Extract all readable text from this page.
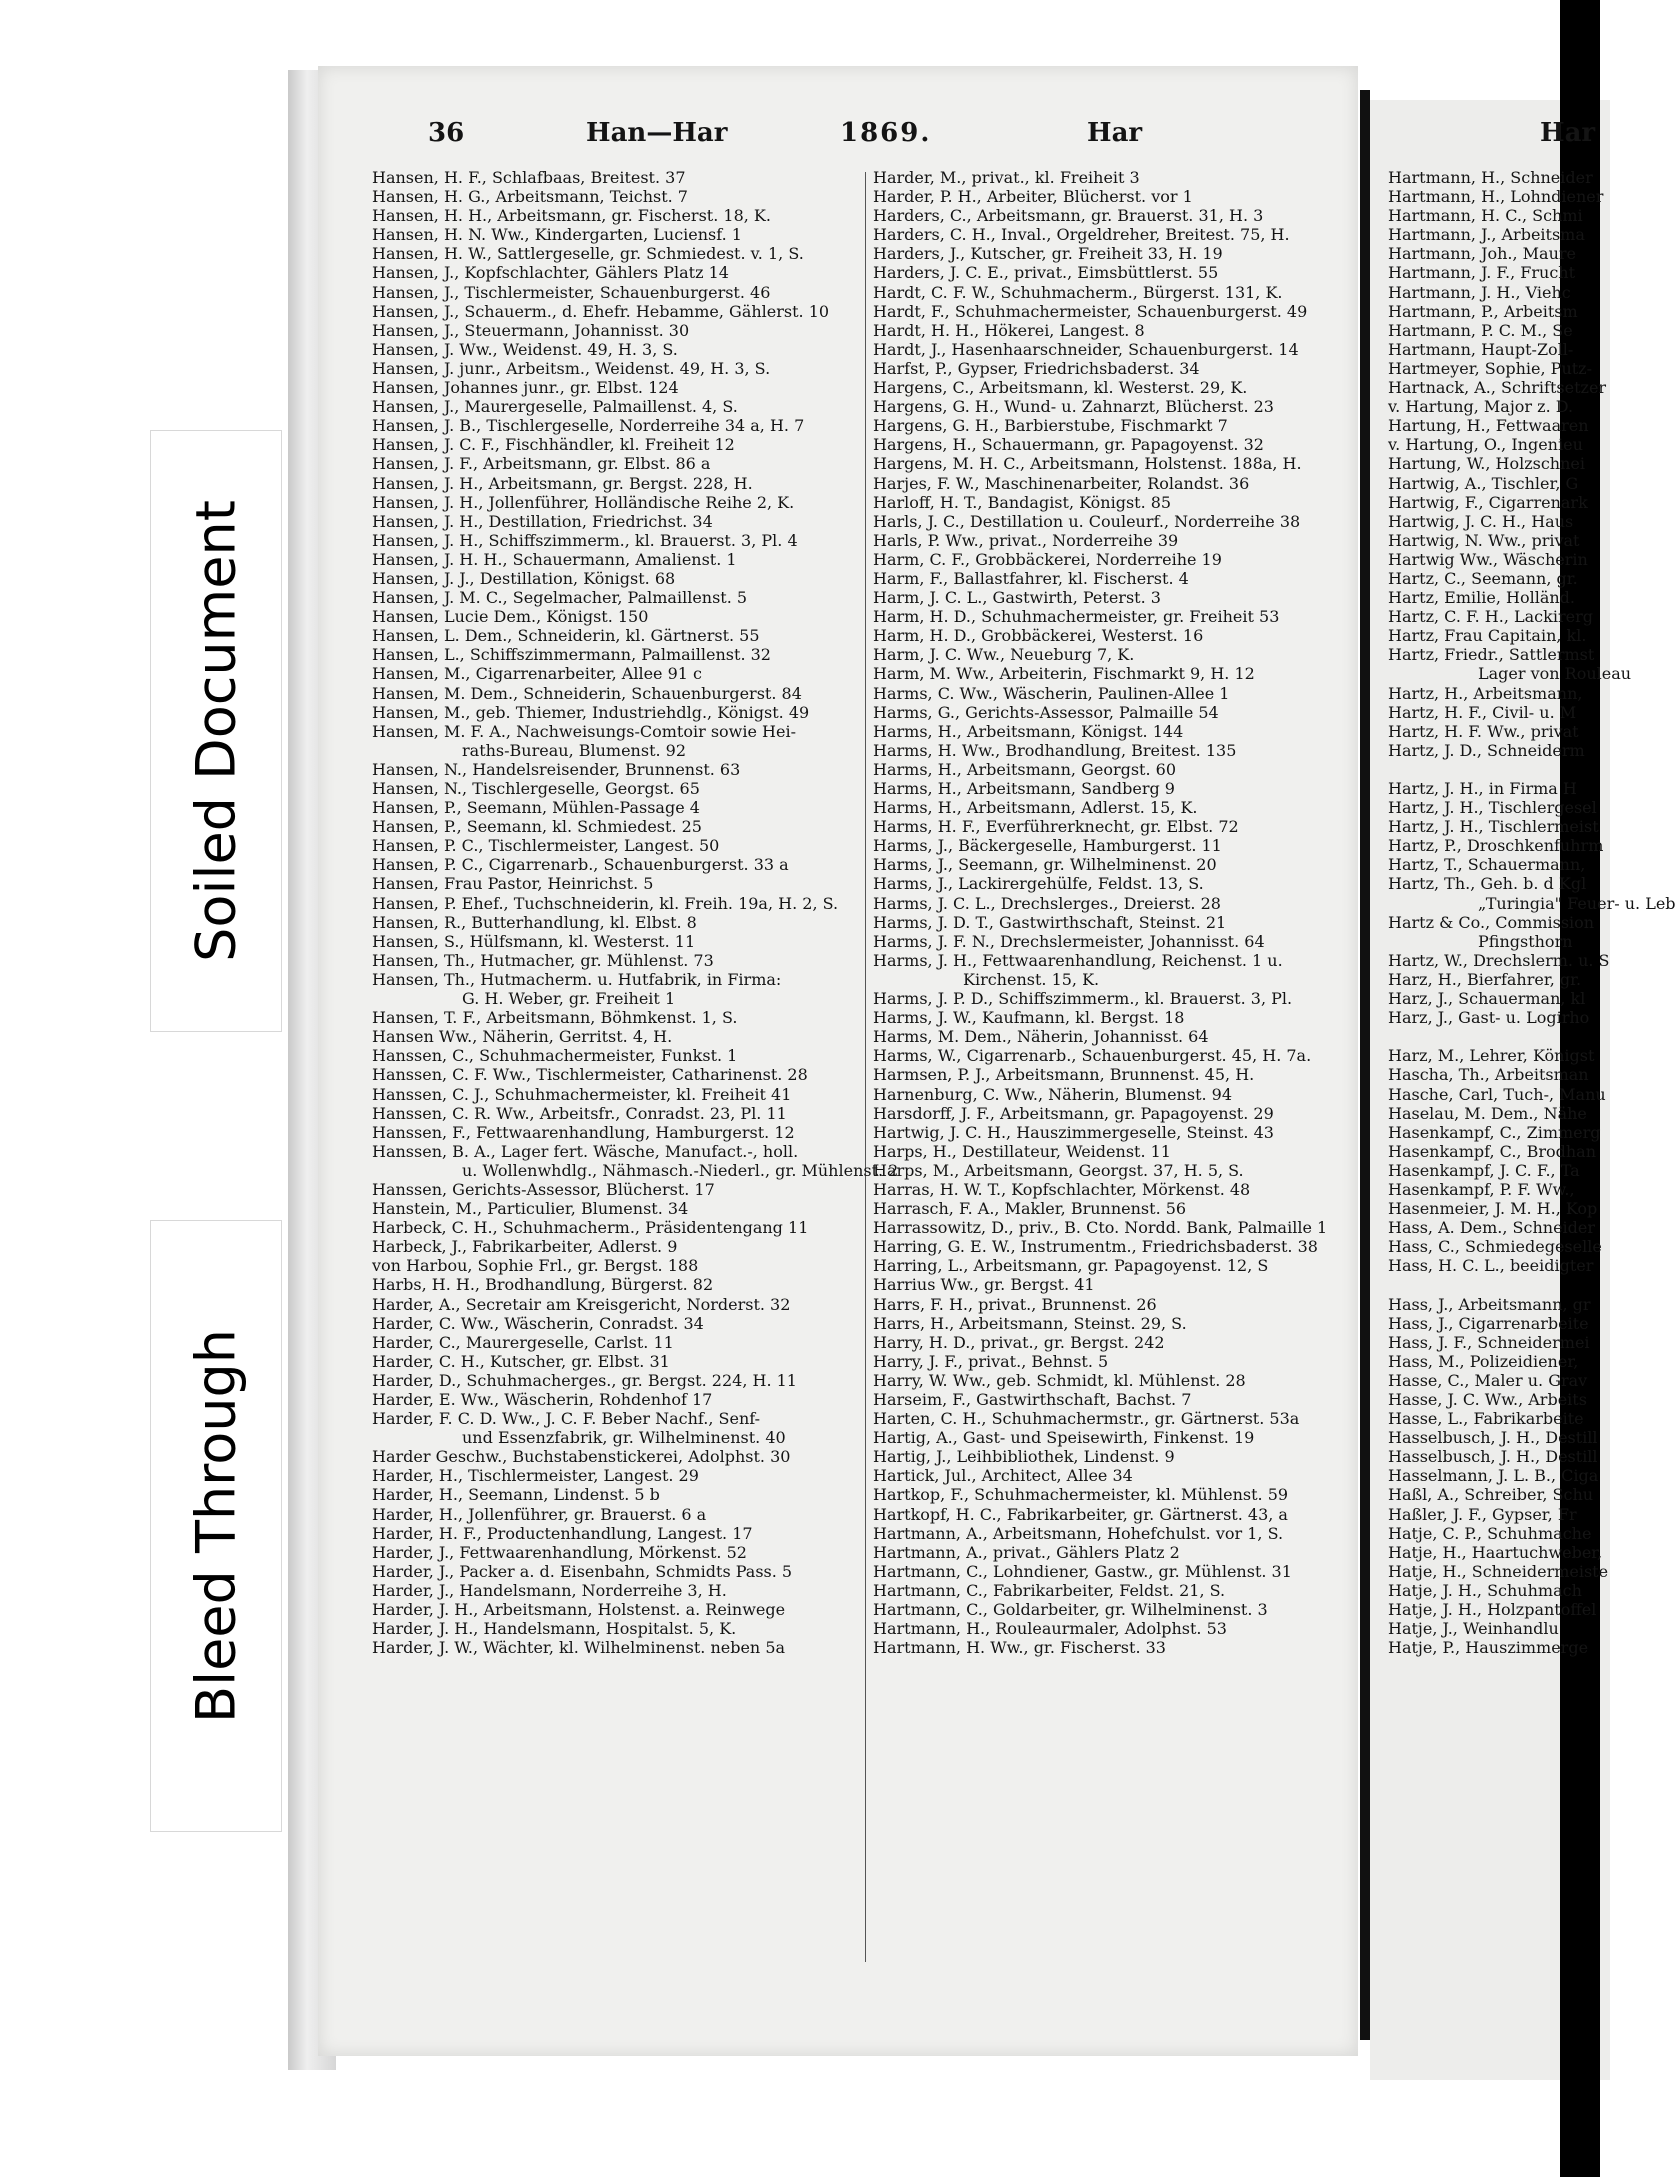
Soiled Document
Bleed Through
36	Han—Har	1869.	Har	Har
Hansen, H. F., Schlafbaas, Breitest. 37
Hansen, H. G., Arbeitsmann, Teichst. 7
Hansen, H. H., Arbeitsmann, gr. Fischerst. 18, K.
Hansen, H. N. Ww., Kindergarten, Luciensf. 1
Hansen, H. W., Sattlergeselle, gr. Schmiedest. v. 1, S.
Hansen, J., Kopfschlachter, Gählers Platz 14
Hansen, J., Tischlermeister, Schauenburgerst. 46
Hansen, J., Schauerm., d. Ehefr. Hebamme, Gählerst. 10
Hansen, J., Steuermann, Johannisst. 30
Hansen, J. Ww., Weidenst. 49, H. 3, S.
Hansen, J. junr., Arbeitsm., Weidenst. 49, H. 3, S.
Hansen, Johannes junr., gr. Elbst. 124
Hansen, J., Maurergeselle, Palmaillenst. 4, S.
Hansen, J. B., Tischlergeselle, Norderreihe 34 a, H. 7
Hansen, J. C. F., Fischhändler, kl. Freiheit 12
Hansen, J. F., Arbeitsmann, gr. Elbst. 86 a
Hansen, J. H., Arbeitsmann, gr. Bergst. 228, H.
Hansen, J. H., Jollenführer, Holländische Reihe 2, K.
Hansen, J. H., Destillation, Friedrichst. 34
Hansen, J. H., Schiffszimmerm., kl. Brauerst. 3, Pl. 4
Hansen, J. H. H., Schauermann, Amalienst. 1
Hansen, J. J., Destillation, Königst. 68
Hansen, J. M. C., Segelmacher, Palmaillenst. 5
Hansen, Lucie Dem., Königst. 150
Hansen, L. Dem., Schneiderin, kl. Gärtnerst. 55
Hansen, L., Schiffszimmermann, Palmaillenst. 32
Hansen, M., Cigarrenarbeiter, Allee 91 c
Hansen, M. Dem., Schneiderin, Schauenburgerst. 84
Hansen, M., geb. Thiemer, Industriehdlg., Königst. 49
Hansen, M. F. A., Nachweisungs-Comtoir sowie Hei-
raths-Bureau, Blumenst. 92
Hansen, N., Handelsreisender, Brunnenst. 63
Hansen, N., Tischlergeselle, Georgst. 65
Hansen, P., Seemann, Mühlen-Passage 4
Hansen, P., Seemann, kl. Schmiedest. 25
Hansen, P. C., Tischlermeister, Langest. 50
Hansen, P. C., Cigarrenarb., Schauenburgerst. 33 a
Hansen, Frau Pastor, Heinrichst. 5
Hansen, P. Ehef., Tuchschneiderin, kl. Freih. 19a, H. 2, S.
Hansen, R., Butterhandlung, kl. Elbst. 8
Hansen, S., Hülfsmann, kl. Westerst. 11
Hansen, Th., Hutmacher, gr. Mühlenst. 73
Hansen, Th., Hutmacherm. u. Hutfabrik, in Firma:
G. H. Weber, gr. Freiheit 1
Hansen, T. F., Arbeitsmann, Böhmkenst. 1, S.
Hansen Ww., Näherin, Gerritst. 4, H.
Hanssen, C., Schuhmachermeister, Funkst. 1
Hanssen, C. F. Ww., Tischlermeister, Catharinenst. 28
Hanssen, C. J., Schuhmachermeister, kl. Freiheit 41
Hanssen, C. R. Ww., Arbeitsfr., Conradst. 23, Pl. 11
Hanssen, F., Fettwaarenhandlung, Hamburgerst. 12
Hanssen, B. A., Lager fert. Wäsche, Manufact.-, holl.
u. Wollenwhdlg., Nähmasch.-Niederl., gr. Mühlenst. 2
Hanssen, Gerichts-Assessor, Blücherst. 17
Hanstein, M., Particulier, Blumenst. 34
Harbeck, C. H., Schuhmacherm., Präsidentengang 11
Harbeck, J., Fabrikarbeiter, Adlerst. 9
von Harbou, Sophie Frl., gr. Bergst. 188
Harbs, H. H., Brodhandlung, Bürgerst. 82
Harder, A., Secretair am Kreisgericht, Norderst. 32
Harder, C. Ww., Wäscherin, Conradst. 34
Harder, C., Maurergeselle, Carlst. 11
Harder, C. H., Kutscher, gr. Elbst. 31
Harder, D., Schuhmacherges., gr. Bergst. 224, H. 11
Harder, E. Ww., Wäscherin, Rohdenhof 17
Harder, F. C. D. Ww., J. C. F. Beber Nachf., Senf-
und Essenzfabrik, gr. Wilhelminenst. 40
Harder Geschw., Buchstabenstickerei, Adolphst. 30
Harder, H., Tischlermeister, Langest. 29
Harder, H., Seemann, Lindenst. 5 b
Harder, H., Jollenführer, gr. Brauerst. 6 a
Harder, H. F., Productenhandlung, Langest. 17
Harder, J., Fettwaarenhandlung, Mörkenst. 52
Harder, J., Packer a. d. Eisenbahn, Schmidts Pass. 5
Harder, J., Handelsmann, Norderreihe 3, H.
Harder, J. H., Arbeitsmann, Holstenst. a. Reinwege
Harder, J. H., Handelsmann, Hospitalst. 5, K.
Harder, J. W., Wächter, kl. Wilhelminenst. neben 5a
Harder, M., privat., kl. Freiheit 3
Harder, P. H., Arbeiter, Blücherst. vor 1
Harders, C., Arbeitsmann, gr. Brauerst. 31, H. 3
Harders, C. H., Inval., Orgeldreher, Breitest. 75, H.
Harders, J., Kutscher, gr. Freiheit 33, H. 19
Harders, J. C. E., privat., Eimsbüttlerst. 55
Hardt, C. F. W., Schuhmacherm., Bürgerst. 131, K.
Hardt, F., Schuhmachermeister, Schauenburgerst. 49
Hardt, H. H., Hökerei, Langest. 8
Hardt, J., Hasenhaarschneider, Schauenburgerst. 14
Harfst, P., Gypser, Friedrichsbaderst. 34
Hargens, C., Arbeitsmann, kl. Westerst. 29, K.
Hargens, G. H., Wund- u. Zahnarzt, Blücherst. 23
Hargens, G. H., Barbierstube, Fischmarkt 7
Hargens, H., Schauermann, gr. Papagoyenst. 32
Hargens, M. H. C., Arbeitsmann, Holstenst. 188a, H.
Harjes, F. W., Maschinenarbeiter, Rolandst. 36
Harloff, H. T., Bandagist, Königst. 85
Harls, J. C., Destillation u. Couleurf., Norderreihe 38
Harls, P. Ww., privat., Norderreihe 39
Harm, C. F., Grobbäckerei, Norderreihe 19
Harm, F., Ballastfahrer, kl. Fischerst. 4
Harm, J. C. L., Gastwirth, Peterst. 3
Harm, H. D., Schuhmachermeister, gr. Freiheit 53
Harm, H. D., Grobbäckerei, Westerst. 16
Harm, J. C. Ww., Neueburg 7, K.
Harm, M. Ww., Arbeiterin, Fischmarkt 9, H. 12
Harms, C. Ww., Wäscherin, Paulinen-Allee 1
Harms, G., Gerichts-Assessor, Palmaille 54
Harms, H., Arbeitsmann, Königst. 144
Harms, H. Ww., Brodhandlung, Breitest. 135
Harms, H., Arbeitsmann, Georgst. 60
Harms, H., Arbeitsmann, Sandberg 9
Harms, H., Arbeitsmann, Adlerst. 15, K.
Harms, H. F., Everführerknecht, gr. Elbst. 72
Harms, J., Bäckergeselle, Hamburgerst. 11
Harms, J., Seemann, gr. Wilhelminenst. 20
Harms, J., Lackirergehülfe, Feldst. 13, S.
Harms, J. C. L., Drechslerges., Dreierst. 28
Harms, J. D. T., Gastwirthschaft, Steinst. 21
Harms, J. F. N., Drechslermeister, Johannisst. 64
Harms, J. H., Fettwaarenhandlung, Reichenst. 1 u.
Kirchenst. 15, K.
Harms, J. P. D., Schiffszimmerm., kl. Brauerst. 3, Pl.
Harms, J. W., Kaufmann, kl. Bergst. 18
Harms, M. Dem., Näherin, Johannisst. 64
Harms, W., Cigarrenarb., Schauenburgerst. 45, H. 7a.
Harmsen, P. J., Arbeitsmann, Brunnenst. 45, H.
Harnenburg, C. Ww., Näherin, Blumenst. 94
Harsdorff, J. F., Arbeitsmann, gr. Papagoyenst. 29
Hartwig, J. C. H., Hauszimmergeselle, Steinst. 43
Harps, H., Destillateur, Weidenst. 11
Harps, M., Arbeitsmann, Georgst. 37, H. 5, S.
Harras, H. W. T., Kopfschlachter, Mörkenst. 48
Harrasch, F. A., Makler, Brunnenst. 56
Harrassowitz, D., priv., B. Cto. Nordd. Bank, Palmaille 1
Harring, G. E. W., Instrumentm., Friedrichsbaderst. 38
Harring, L., Arbeitsmann, gr. Papagoyenst. 12, S
Harrius Ww., gr. Bergst. 41
Harrs, F. H., privat., Brunnenst. 26
Harrs, H., Arbeitsmann, Steinst. 29, S.
Harry, H. D., privat., gr. Bergst. 242
Harry, J. F., privat., Behnst. 5
Harry, W. Ww., geb. Schmidt, kl. Mühlenst. 28
Harseim, F., Gastwirthschaft, Bachst. 7
Harten, C. H., Schuhmachermstr., gr. Gärtnerst. 53a
Hartig, A., Gast- und Speisewirth, Finkenst. 19
Hartig, J., Leihbibliothek, Lindenst. 9
Hartick, Jul., Architect, Allee 34
Hartkop, F., Schuhmachermeister, kl. Mühlenst. 59
Hartkopf, H. C., Fabrikarbeiter, gr. Gärtnerst. 43, a
Hartmann, A., Arbeitsmann, Hohefchulst. vor 1, S.
Hartmann, A., privat., Gählers Platz 2
Hartmann, C., Lohndiener, Gastw., gr. Mühlenst. 31
Hartmann, C., Fabrikarbeiter, Feldst. 21, S.
Hartmann, C., Goldarbeiter, gr. Wilhelminenst. 3
Hartmann, H., Rouleaurmaler, Adolphst. 53
Hartmann, H. Ww., gr. Fischerst. 33
Hartmann, H., Schneider
Hartmann, H., Lohndiener
Hartmann, H. C., Schmi
Hartmann, J., Arbeitsma
Hartmann, Joh., Maure
Hartmann, J. F., Frucht
Hartmann, J. H., Viehc
Hartmann, P., Arbeitsm
Hartmann, P. C. M., Se
Hartmann, Haupt-Zoll-
Hartmeyer, Sophie, Putz-
Hartnack, A., Schriftsetzer
v. Hartung, Major z. D.
Hartung, H., Fettwaaren
v. Hartung, O., Ingenieu
Hartung, W., Holzschnei
Hartwig, A., Tischler, G
Hartwig, F., Cigarrenark
Hartwig, J. C. H., Haus
Hartwig, N. Ww., privat
Hartwig Ww., Wäscherin
Hartz, C., Seemann, gr.
Hartz, Emilie, Holländ.
Hartz, C. F. H., Lackirerg
Hartz, Frau Capitain, kl.
Hartz, Friedr., Sattlermst
Lager von Rouleau
Hartz, H., Arbeitsmann,
Hartz, H. F., Civil- u. M
Hartz, H. F. Ww., privat
Hartz, J. D., Schneiderm
Hartz, J. H., in Firma H
Hartz, J. H., Tischlergesel
Hartz, J. H., Tischlermeist
Hartz, P., Droschkenfuhrm
Hartz, T., Schauermann,
Hartz, Th., Geh. b. d Kgl
„Turingia" Feuer- u. Leb
Hartz & Co., Commission
Pfingsthorn
Hartz, W., Drechslerm. u. S
Harz, H., Bierfahrer, gr.
Harz, J., Schauerman, kl
Harz, J., Gast- u. Logirho
Harz, M., Lehrer, Königst
Hascha, Th., Arbeitsman
Hasche, Carl, Tuch-, Manu
Haselau, M. Dem., Nähe
Hasenkampf, C., Zimmerg
Hasenkampf, C., Brodhan
Hasenkampf, J. C. F., Ta
Hasenkampf, P. F. Ww.,
Hasenmeier, J. M. H., Kop
Hass, A. Dem., Schneider
Hass, C., Schmiedegeselle
Hass, H. C. L., beeidigter
Hass, J., Arbeitsmann, gr
Hass, J., Cigarrenarbeite
Hass, J. F., Schneidermei
Hass, M., Polizeidiener,
Hasse, C., Maler u. Grav
Hasse, J. C. Ww., Arbeits
Hasse, L., Fabrikarbeite
Hasselbusch, J. H., Destill
Hasselbusch, J. H., Destill
Hasselmann, J. L. B., Ciga
Haßl, A., Schreiber, Schu
Haßler, J. F., Gypser, Fr
Hatje, C. P., Schuhmache
Hatje, H., Haartuchweber,
Hatje, H., Schneidermeiste
Hatje, J. H., Schuhmach
Hatje, J. H., Holzpantoffel
Hatje, J., Weinhandlu
Hatje, P., Hauszimmerge
